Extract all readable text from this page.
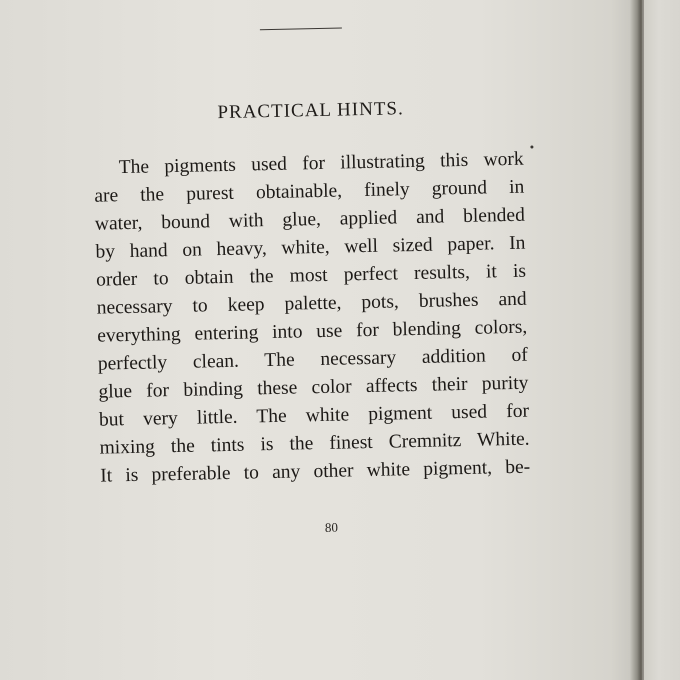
PRACTICAL HINTS.
The pigments used for illustrating this work
are the purest obtainable, finely ground in
water, bound with glue, applied and blended
by hand on heavy, white, well sized paper. In
order to obtain the most perfect results, it is
necessary to keep palette, pots, brushes and
everything entering into use for blending colors,
perfectly clean. The necessary addition of
glue for binding these color affects their purity
but very little. The white pigment used for
mixing the tints is the finest Cremnitz White.
It is preferable to any other white pigment, be-
80
